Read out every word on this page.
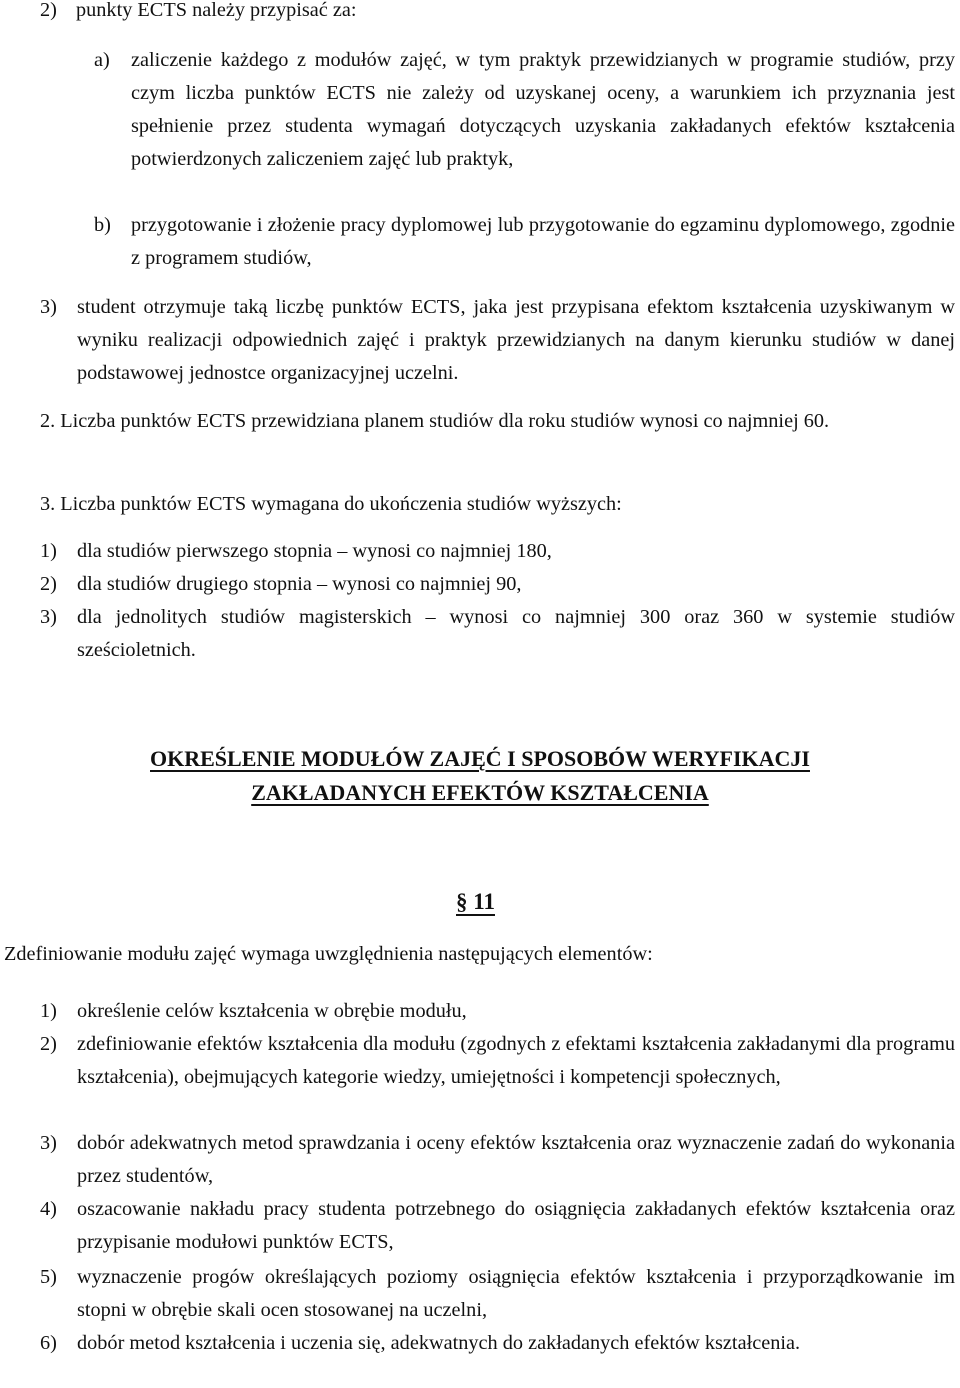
2) punkty ECTS należy przypisać za:
a) zaliczenie każdego z modułów zajęć, w tym praktyk przewidzianych w programie studiów, przy czym liczba punktów ECTS nie zależy od uzyskanej oceny, a warunkiem ich przyznania jest spełnienie przez studenta wymagań dotyczących uzyskania zakładanych efektów kształcenia potwierdzonych zaliczeniem zajęć lub praktyk,
b) przygotowanie i złożenie pracy dyplomowej lub przygotowanie do egzaminu dyplomowego, zgodnie z programem studiów,
3) student otrzymuje taką liczbę punktów ECTS, jaka jest przypisana efektom kształcenia uzyskiwanym w wyniku realizacji odpowiednich zajęć i praktyk przewidzianych na danym kierunku studiów w danej podstawowej jednostce organizacyjnej uczelni.
2. Liczba punktów ECTS przewidziana planem studiów dla roku studiów wynosi co najmniej 60.
3. Liczba punktów ECTS wymagana do ukończenia studiów wyższych:
1) dla studiów pierwszego stopnia – wynosi co najmniej 180,
2) dla studiów drugiego stopnia – wynosi co najmniej 90,
3) dla jednolitych studiów magisterskich – wynosi co najmniej 300 oraz 360 w systemie studiów sześcioletnich.
OKREŚLENIE MODUŁÓW ZAJĘĆ I SPOSOBÓW WERYFIKACJI
ZAKŁADANYCH EFEKTÓW KSZTAŁCENIA
§ 11
Zdefiniowanie modułu zajęć wymaga uwzględnienia następujących elementów:
1) określenie celów kształcenia w obrębie modułu,
2) zdefiniowanie efektów kształcenia dla modułu (zgodnych z efektami kształcenia zakładanymi dla programu kształcenia), obejmujących kategorie wiedzy, umiejętności i kompetencji społecznych,
3) dobór adekwatnych metod sprawdzania i oceny efektów kształcenia oraz wyznaczenie zadań do wykonania przez studentów,
4) oszacowanie nakładu pracy studenta potrzebnego do osiągnięcia zakładanych efektów kształcenia oraz przypisanie modułowi punktów ECTS,
5) wyznaczenie progów określających poziomy osiągnięcia efektów kształcenia i przyporządkowanie im stopni w obrębie skali ocen stosowanej na uczelni,
6) dobór metod kształcenia i uczenia się, adekwatnych do zakładanych efektów kształcenia.
